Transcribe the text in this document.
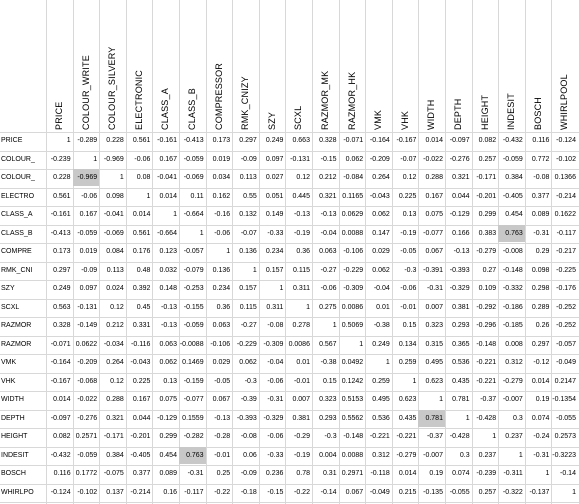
PRICE COLOUR_WRITE COLOUR_SILVERY ELECTRONIC CLASS_A CLASS_B COMPRESSOR RMK_CNIZY SZY SCXL RAZMOR_MK RAZMOR_HK VMK VHK WIDTH DEPTH HEIGHT INDESIT BOSCH WHIRLPOOL
PRICE	1 -0.289	0.228	0.561 -0.161 -0.413	0.173	0.297	0.249	0.663	0.328 -0.071 -0.164 -0.167	0.014 -0.097	0.082 -0.432	0.116 -0.124
COLOUR_	-0.239	1 -0.969	-0.06	0.167 -0.059	0.019	-0.09	0.097 -0.131	-0.15	0.062 -0.209	-0.07 -0.022 -0.276	0.257 -0.059	0.772 -0.102
COLOUR_	0.228 -0.969	1	0.08 -0.041 -0.069	0.034	0.113	0.027	0.12	0.212 -0.084	0.264	0.12	0.288	0.321 -0.171	0.384	-0.08 0.1366
ELECTRO	0.561	-0.06	0.098	1	0.014	0.11	0.162	0.55	0.051	0.445	0.321 0.1165 -0.043	0.225	0.167	0.044 -0.201 -0.405	0.377 -0.214
CLASS_A	-0.161	0.167 -0.041	0.014	1 -0.664	-0.16	0.132	0.149	-0.13	-0.13 0.0629	0.062	0.13	0.075 -0.129	0.299	0.454	0.089 0.1622
CLASS_B	-0.413 -0.059 -0.069	0.561 -0.664	1	-0.06	-0.07	-0.33	-0.19	-0.04 0.0088	0.147	-0.19 -0.077	0.166	0.383	0.763	-0.31	-0.117
COMPRE	0.173	0.019	0.084	0.176	0.123 -0.057	1	0.136	0.234	0.36	0.063 -0.106	0.029	-0.05	0.067	-0.13 -0.279 -0.008	0.29 -0.217
RMK_CNI	0.297	-0.09	0.113	0.48	0.032 -0.079	0.136	1	0.157	0.115	-0.27 -0.229	0.062	-0.3 -0.391 -0.393	0.27 -0.148	0.098 -0.225
SZY	0.249	0.097	0.024	0.392	0.148 -0.253	0.234	0.157	1	0.311	-0.06 -0.309	-0.04	-0.06	-0.31 -0.329	0.109 -0.332	0.298 -0.176
SCXL	0.563 -0.131	0.12	0.45	-0.13 -0.155	0.36	0.115	0.311	1	0.275 0.0086	0.01	-0.01	0.007	0.381 -0.292 -0.186	0.289 -0.252
RAZMOR	0.328 -0.149	0.212	0.331	-0.13 -0.059	0.063	-0.27	-0.08	0.278	1 0.5069	-0.38	0.15	0.323	0.293 -0.296 -0.185	0.26 -0.252
RAZMOR	-0.071 0.0622 -0.034	-0.116	0.063 -0.0088 -0.106 -0.229 -0.309 0.0086	0.567	1	0.249	0.134	0.315	0.365 -0.148	0.008	0.297 -0.057
VMK	-0.164 -0.209	0.264 -0.043	0.062 0.1469	0.029	0.062	-0.04	0.01	-0.38 0.0492	1	0.259	0.495	0.536 -0.221	0.312	-0.12 -0.049
VHK	-0.167 -0.068	0.12	0.225	0.13 -0.159	-0.05	-0.3	-0.06	-0.01	0.15 0.1242	0.259	1	0.623	0.435 -0.221 -0.279	0.014 0.2147
WIDTH	0.014 -0.022	0.288	0.167	0.075 -0.077	0.067	-0.39	-0.31	0.007	0.323 0.5153	0.495	0.623	1	0.781	-0.37 -0.007	0.19 -0.1354
DEPTH	-0.097 -0.276	0.321	0.044 -0.129 0.1559	-0.13 -0.393 -0.329	0.381	0.293 0.5562	0.536	0.435	0.781	1 -0.428	0.3	0.074 -0.055
HEIGHT	0.082 0.2571 -0.171 -0.201	0.299 -0.282	-0.28	-0.08	-0.06	-0.29	-0.3 -0.148 -0.221 -0.221	-0.37 -0.428	1	0.237	-0.24 0.2573
INDESIT	-0.432 -0.059	0.384 -0.405	0.454	0.763	-0.01	0.06	-0.33	-0.19	0.004 0.0088	0.312 -0.279 -0.007	0.3	0.237	1	-0.31 -0.3223
BOSCH	0.116 0.1772 -0.075	0.377	0.089	-0.31	0.25	-0.09	0.236	0.78	0.31 0.2971	-0.118	0.014	0.19	0.074 -0.239	-0.311	1	-0.14
WHIRLPO	-0.124 -0.102	0.137 -0.214	0.16	-0.117	-0.22	-0.18	-0.15	-0.22	-0.14	0.067 -0.049	0.215 -0.135 -0.055	0.257 -0.322 -0.137	1
